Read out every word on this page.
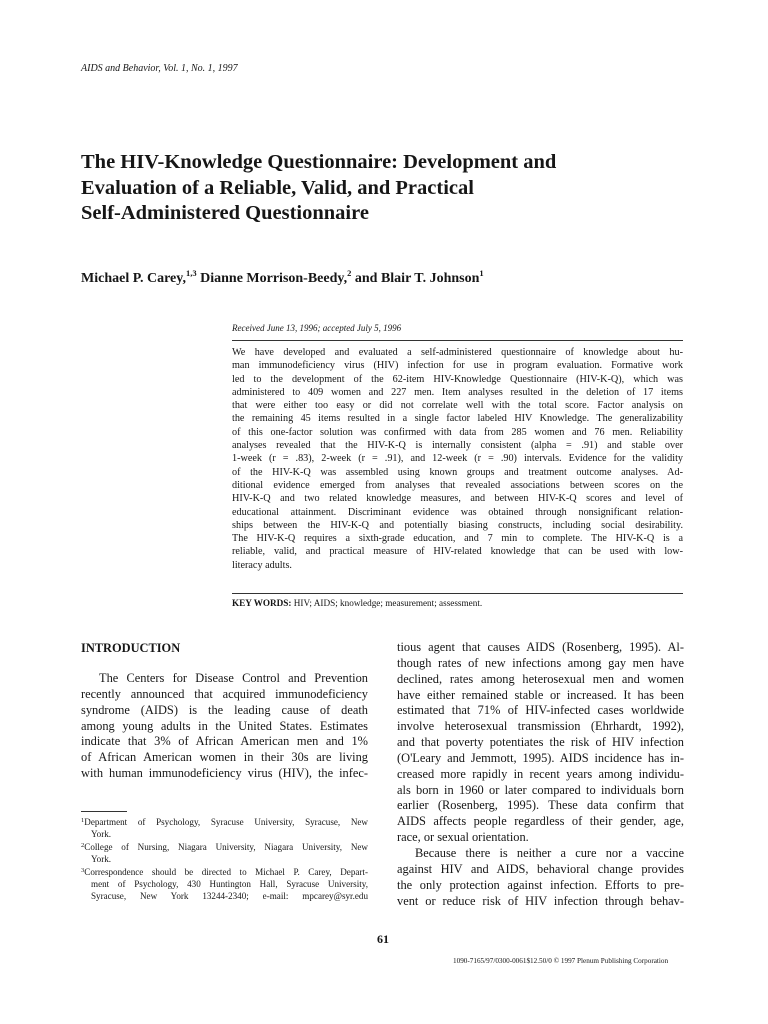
AIDS and Behavior, Vol. 1, No. 1, 1997
The HIV-Knowledge Questionnaire: Development and
Evaluation of a Reliable, Valid, and Practical
Self-Administered Questionnaire
Michael P. Carey,$^{1,3}$ Dianne Morrison-Beedy,$^2$ and Blair T. Johnson$^1$
Received June 13, 1996; accepted July 5, 1996
We have developed and evaluated a self-administered questionnaire of knowledge about hu-
man immunodeficiency virus (HIV) infection for use in program evaluation. Formative work
led to the development of the 62-item HIV-Knowledge Questionnaire (HIV-K-Q), which was
administered to 409 women and 227 men. Item analyses resulted in the deletion of 17 items
that were either too easy or did not correlate well with the total score. Factor analysis on
the remaining 45 items resulted in a single factor labeled HIV Knowledge. The generalizability
of this one-factor solution was confirmed with data from 285 women and 76 men. Reliability
analyses revealed that the HIV-K-Q is internally consistent (alpha = .91) and stable over
1-week (r = .83), 2-week (r = .91), and 12-week (r = .90) intervals. Evidence for the validity
of the HIV-K-Q was assembled using known groups and treatment outcome analyses. Ad-
ditional evidence emerged from analyses that revealed associations between scores on the
HIV-K-Q and two related knowledge measures, and between HIV-K-Q scores and level of
educational attainment. Discriminant evidence was obtained through nonsignificant relation-
ships between the HIV-K-Q and potentially biasing constructs, including social desirability.
The HIV-K-Q requires a sixth-grade education, and 7 min to complete. The HIV-K-Q is a
reliable, valid, and practical measure of HIV-related knowledge that can be used with low-
literacy adults.
KEY WORDS: HIV; AIDS; knowledge; measurement; assessment.
INTRODUCTION
The Centers for Disease Control and Prevention
recently announced that acquired immunodeficiency
syndrome (AIDS) is the leading cause of death
among young adults in the United States. Estimates
indicate that 3% of African American men and 1%
of African American women in their 30s are living
with human immunodeficiency virus (HIV), the infec-
tious agent that causes AIDS (Rosenberg, 1995). Al-
though rates of new infections among gay men have
declined, rates among heterosexual men and women
have either remained stable or increased. It has been
estimated that 71% of HIV-infected cases worldwide
involve heterosexual transmission (Ehrhardt, 1992),
and that poverty potentiates the risk of HIV infection
(O'Leary and Jemmott, 1995). AIDS incidence has in-
creased more rapidly in recent years among individu-
als born in 1960 or later compared to individuals born
earlier (Rosenberg, 1995). These data confirm that
AIDS affects people regardless of their gender, age,
race, or sexual orientation.
Because there is neither a cure nor a vaccine
against HIV and AIDS, behavioral change provides
the only protection against infection. Efforts to pre-
vent or reduce risk of HIV infection through behav-
$^1$Department of Psychology, Syracuse University, Syracuse, New
York.
$^2$College of Nursing, Niagara University, Niagara University, New
York.
$^3$Correspondence should be directed to Michael P. Carey, Depart-
ment of Psychology, 430 Huntington Hall, Syracuse University,
Syracuse, New York 13244-2340; e-mail: mpcarey@syr.edu
61
1090-7165/97/0300-0061$12.50/0 © 1997 Plenum Publishing Corporation
